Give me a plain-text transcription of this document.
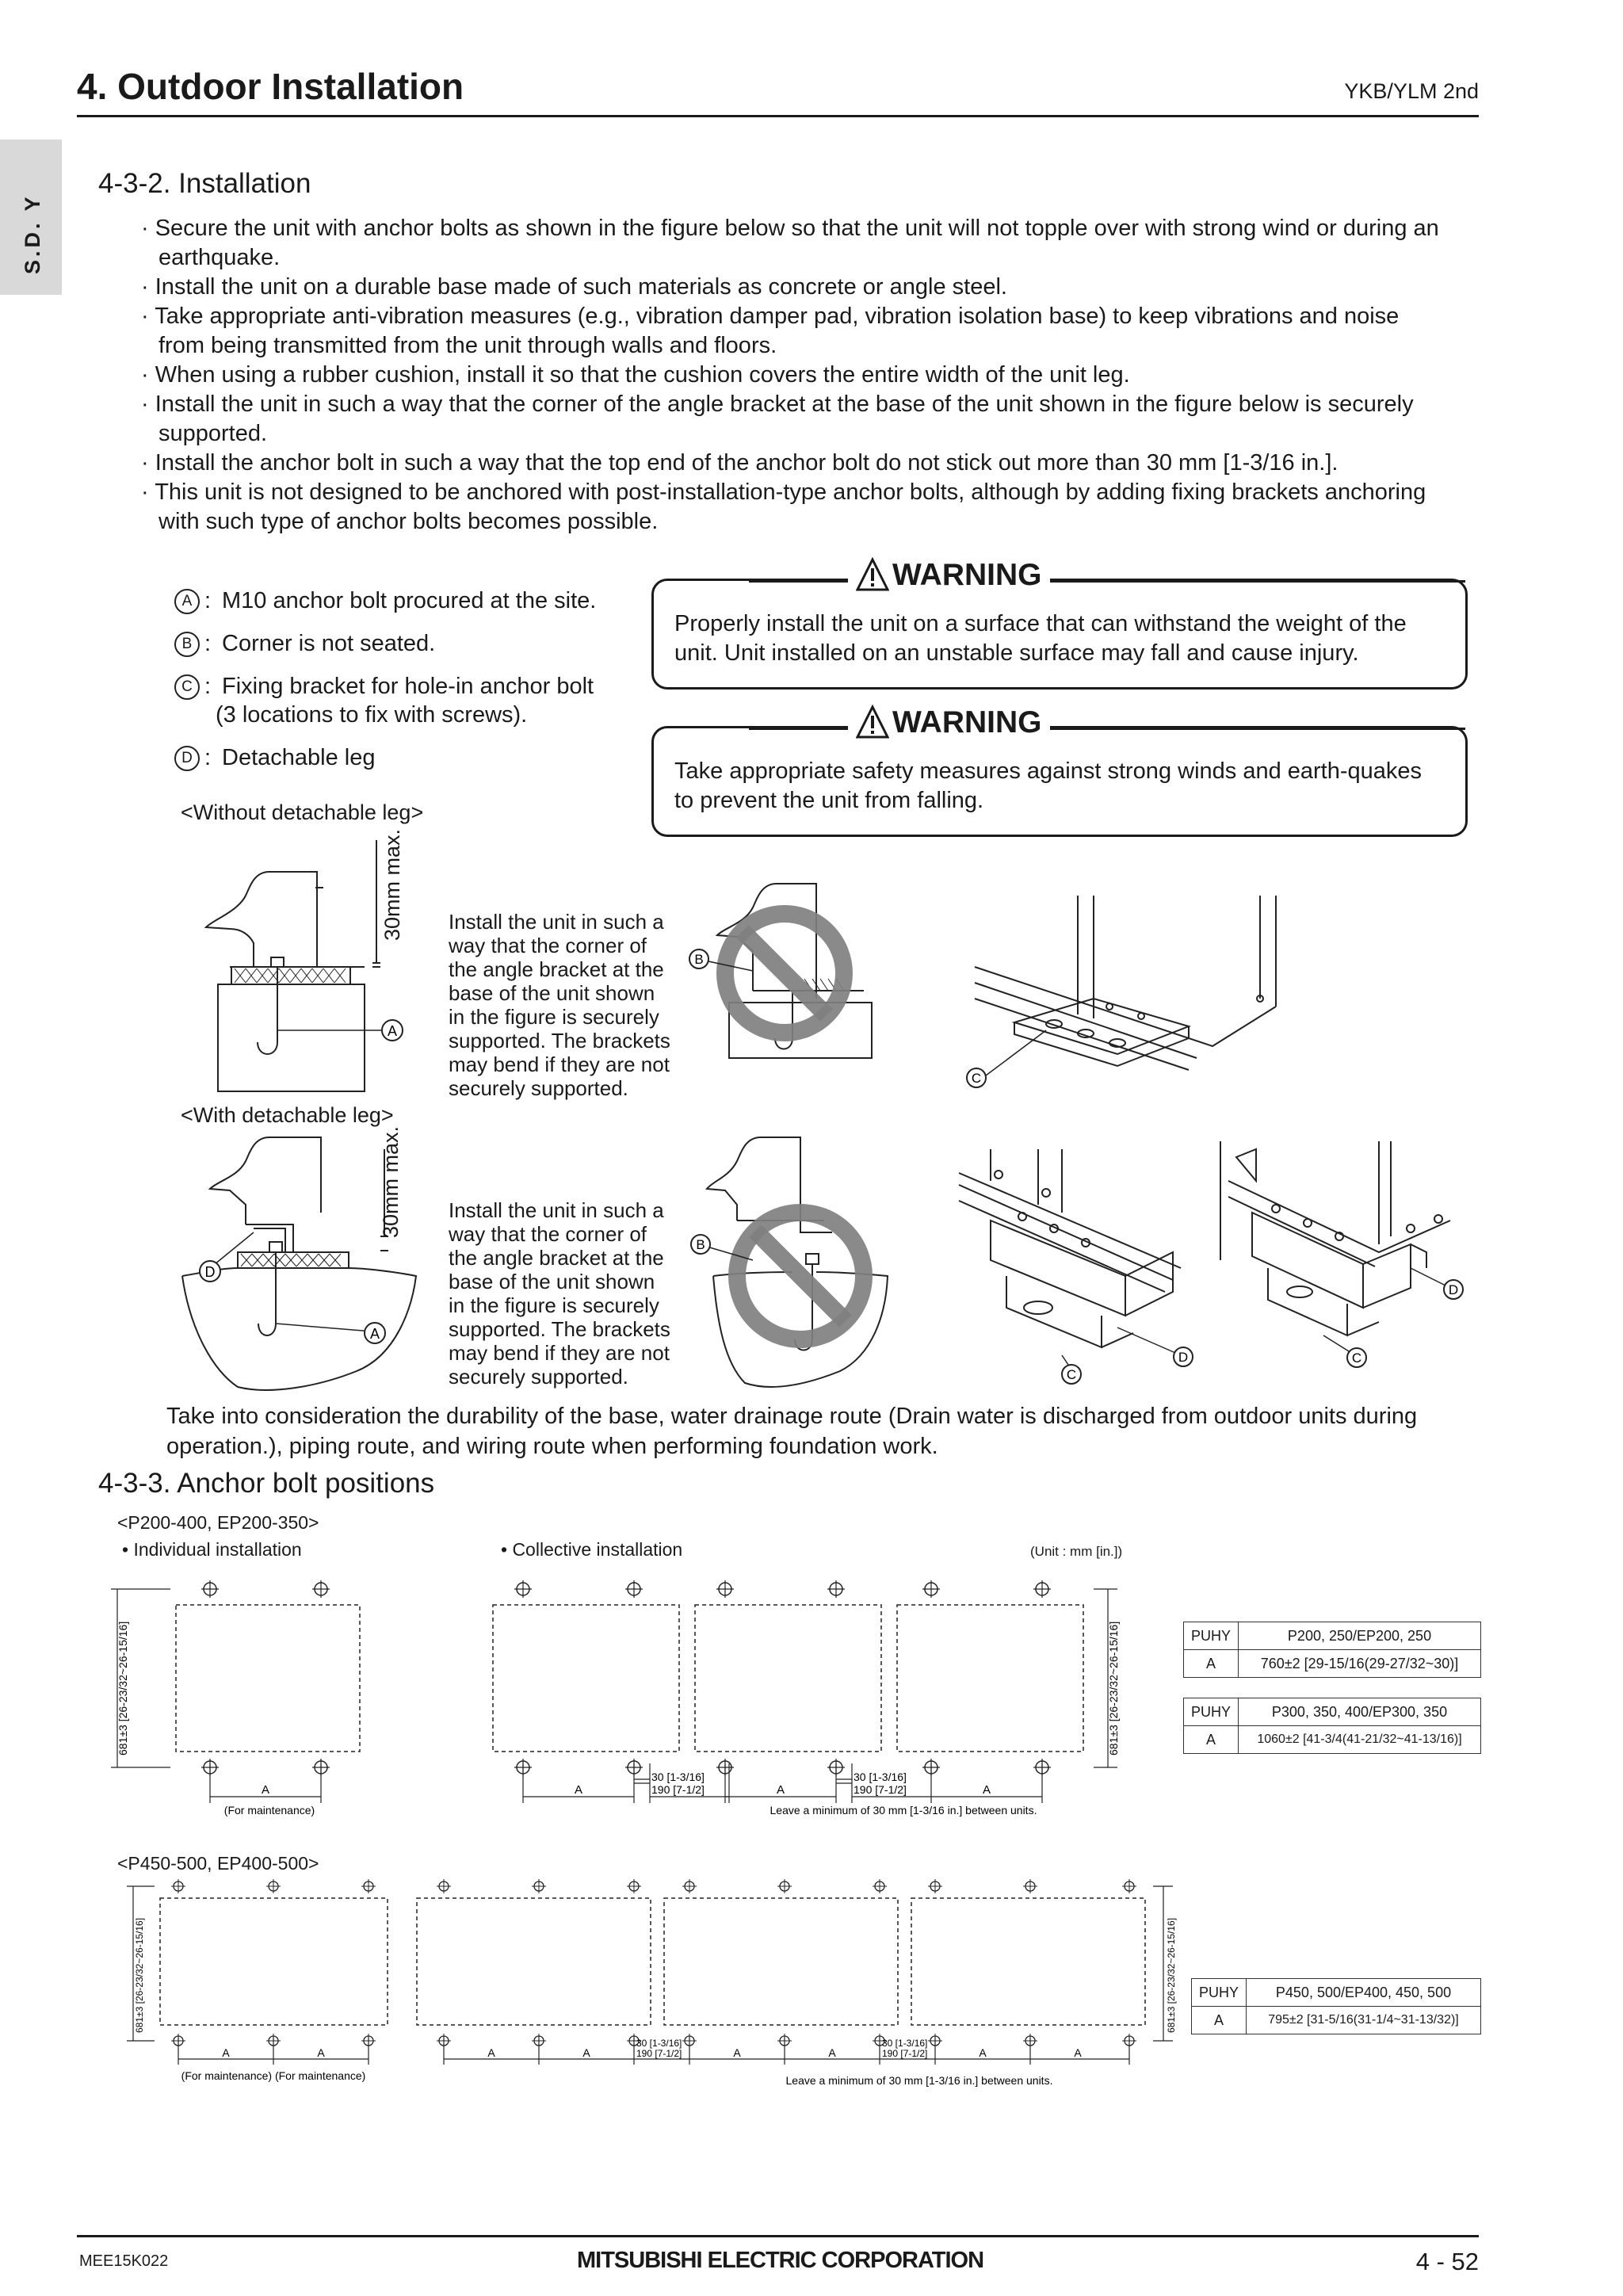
4. Outdoor Installation	YKB/YLM 2nd
S.D. Y
4-3-2. Installation
· Secure the unit with anchor bolts as shown in the figure below so that the unit will not topple over with strong wind or during an earthquake.
· Install the unit on a durable base made of such materials as concrete or angle steel.
· Take appropriate anti-vibration measures (e.g., vibration damper pad, vibration isolation base) to keep vibrations and noise from being transmitted from the unit through walls and floors.
· When using a rubber cushion, install it so that the cushion covers the entire width of the unit leg.
· Install the unit in such a way that the corner of the angle bracket at the base of the unit shown in the figure below is securely supported.
· Install the anchor bolt in such a way that the top end of the anchor bolt do not stick out more than 30 mm [1-3/16 in.].
· This unit is not designed to be anchored with post-installation-type anchor bolts, although by adding fixing brackets anchoring with such type of anchor bolts becomes possible.
A : M10 anchor bolt procured at the site.
B : Corner is not seated.
C : Fixing bracket for hole-in anchor bolt
(3 locations to fix with screws).
D : Detachable leg
WARNING
Properly install the unit on a surface that can withstand the weight of the unit. Unit installed on an unstable surface may fall and cause injury.
WARNING
Take appropriate safety measures against strong winds and earth-quakes to prevent the unit from falling.
<Without detachable leg>
<With detachable leg>
A
30mm max. Install the unit in such a
way that the corner of
the angle bracket at the
base of the unit shown
in the figure is securely
supported. The brackets
may bend if they are not
securely supported.
B
C
A
D
30mm max. Install the unit in such a
way that the corner of
the angle bracket at the
base of the unit shown
in the figure is securely
supported. The brackets
may bend if they are not
securely supported.
B
D
C
D
C
Take into consideration the durability of the base, water drainage route (Drain water is discharged from outdoor units during operation.), piping route, and wiring route when performing foundation work.
4-3-3. Anchor bolt positions
<P200-400, EP200-350>
• Individual installation	• Collective installation	(Unit : mm [in.])
681±3 [26-23/32~26-15/16]	681±3 [26-23/32~26-15/16]
A	A	A	A
30 [1-3/16]
190 [7-1/2]
30 [1-3/16]
190 [7-1/2]
(For maintenance)	Leave a minimum of 30 mm [1-3/16 in.] between units.
PUHY	P200, 250/EP200, 250
A	760±2 [29-15/16(29-27/32~30)]
PUHY	P300, 350, 400/EP300, 350
A	1060±2 [41-3/4(41-21/32~41-13/16)]
<P450-500, EP400-500>
681±3 [26-23/32~26-15/16]	681±3 [26-23/32~26-15/16]
A	A	A	A	A	A	A	A
30 [1-3/16]
190 [7-1/2]
30 [1-3/16]
190 [7-1/2]
(For maintenance) (For maintenance)	Leave a minimum of 30 mm [1-3/16 in.] between units.
PUHY	P450, 500/EP400, 450, 500
A	795±2 [31-5/16(31-1/4~31-13/32)]
MEE15K022	MITSUBISHI ELECTRIC CORPORATION	4 - 52
